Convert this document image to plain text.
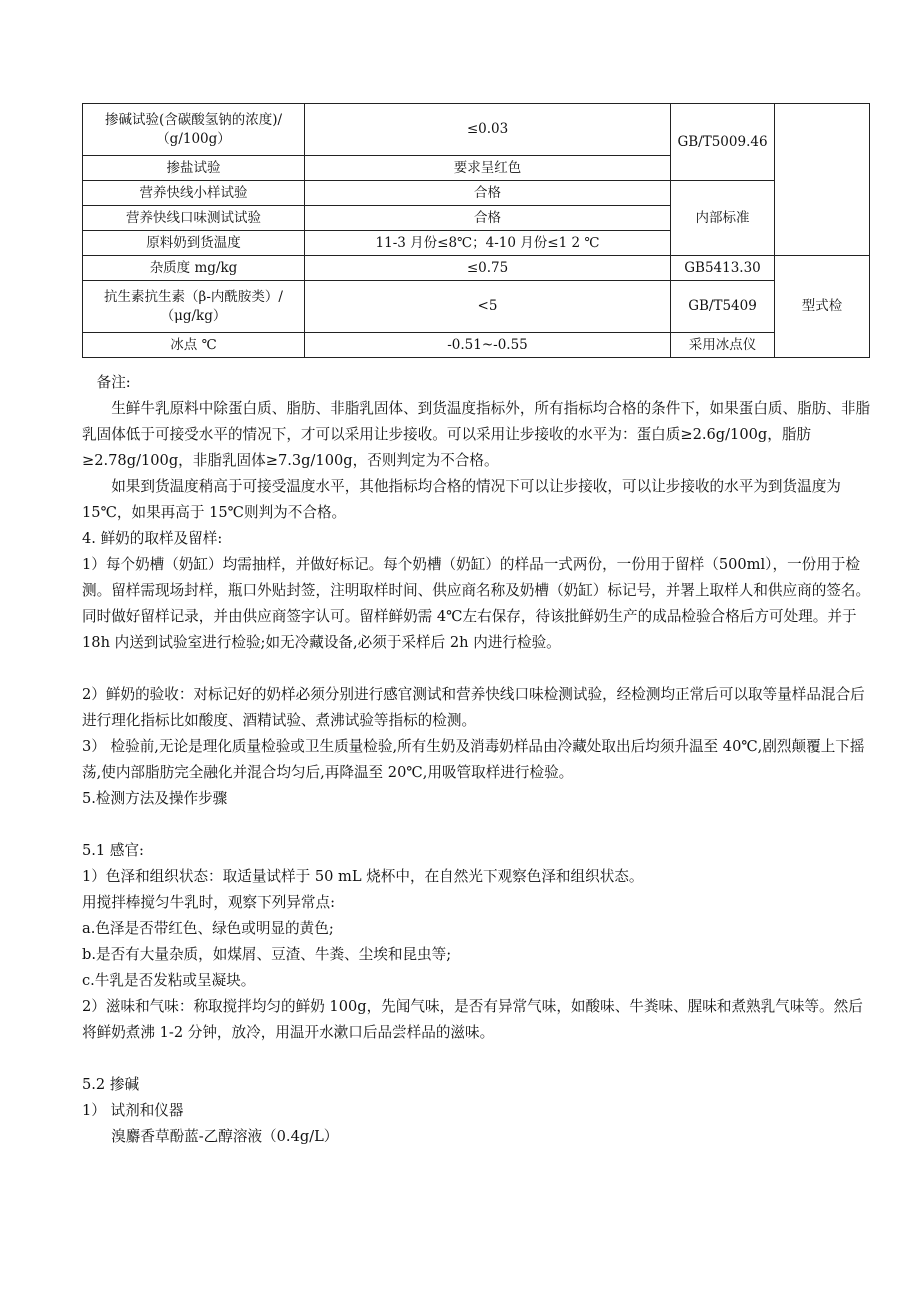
掺碱试验(含碳酸氢钠的浓度)/（g/100g）	≤0.03	GB/T5009.46	
掺盐试验	要求呈红色		
营养快线小样试验	合格	内部标准	
营养快线口味测试试验	合格		
原料奶到货温度	11-3 月份≤8℃；4-10 月份≤1 2 ℃		
杂质度 mg/kg	≤0.75	GB5413.30	型式检
抗生素抗生素（β-内酰胺类）/（μg/kg）	<5	GB/T5409	
冰点 ℃	-0.51~-0.55	采用冰点仪	

备注:

生鲜牛乳原料中除蛋白质、脂肪、非脂乳固体、到货温度指标外，所有指标均合格的条件下，如果蛋白质、脂肪、非脂乳固体低于可接受水平的情况下，才可以采用让步接收。可以采用让步接收的水平为：蛋白质≥2.6g/100g，脂肪≥2.78g/100g，非脂乳固体≥7.3g/100g，否则判定为不合格。

如果到货温度稍高于可接受温度水平，其他指标均合格的情况下可以让步接收，可以让步接收的水平为到货温度为15℃，如果再高于 15℃则判为不合格。

4. 鲜奶的取样及留样:

1）每个奶槽（奶缸）均需抽样，并做好标记。每个奶槽（奶缸）的样品一式两份，一份用于留样（500ml），一份用于检测。留样需现场封样，瓶口外贴封签，注明取样时间、供应商名称及奶槽（奶缸）标记号，并署上取样人和供应商的签名。同时做好留样记录，并由供应商签字认可。留样鲜奶需 4℃左右保存，待该批鲜奶生产的成品检验合格后方可处理。并于 18h 内送到试验室进行检验;如无冷藏设备,必须于采样后 2h 内进行检验。

2）鲜奶的验收：对标记好的奶样必须分别进行感官测试和营养快线口味检测试验，经检测均正常后可以取等量样品混合后进行理化指标比如酸度、酒精试验、煮沸试验等指标的检测。

3） 检验前,无论是理化质量检验或卫生质量检验,所有生奶及消毒奶样品由冷藏处取出后均须升温至 40℃,剧烈颠覆上下摇荡,使内部脂肪完全融化并混合均匀后,再降温至 20℃,用吸管取样进行检验。

5.检测方法及操作步骤

5.1 感官:

1）色泽和组织状态：取适量试样于 50 mL 烧杯中，在自然光下观察色泽和组织状态。

用搅拌棒搅匀牛乳时，观察下列异常点:

a.色泽是否带红色、绿色或明显的黄色;

b.是否有大量杂质，如煤屑、豆渣、牛粪、尘埃和昆虫等;

c.牛乳是否发粘或呈凝块。

2）滋味和气味：称取搅拌均匀的鲜奶 100g，先闻气味，是否有异常气味，如酸味、牛粪味、腥味和煮熟乳气味等。然后将鲜奶煮沸 1-2 分钟，放冷，用温开水漱口后品尝样品的滋味。

5.2 掺碱

1） 试剂和仪器

溴麝香草酚蓝-乙醇溶液（0.4g/L）
